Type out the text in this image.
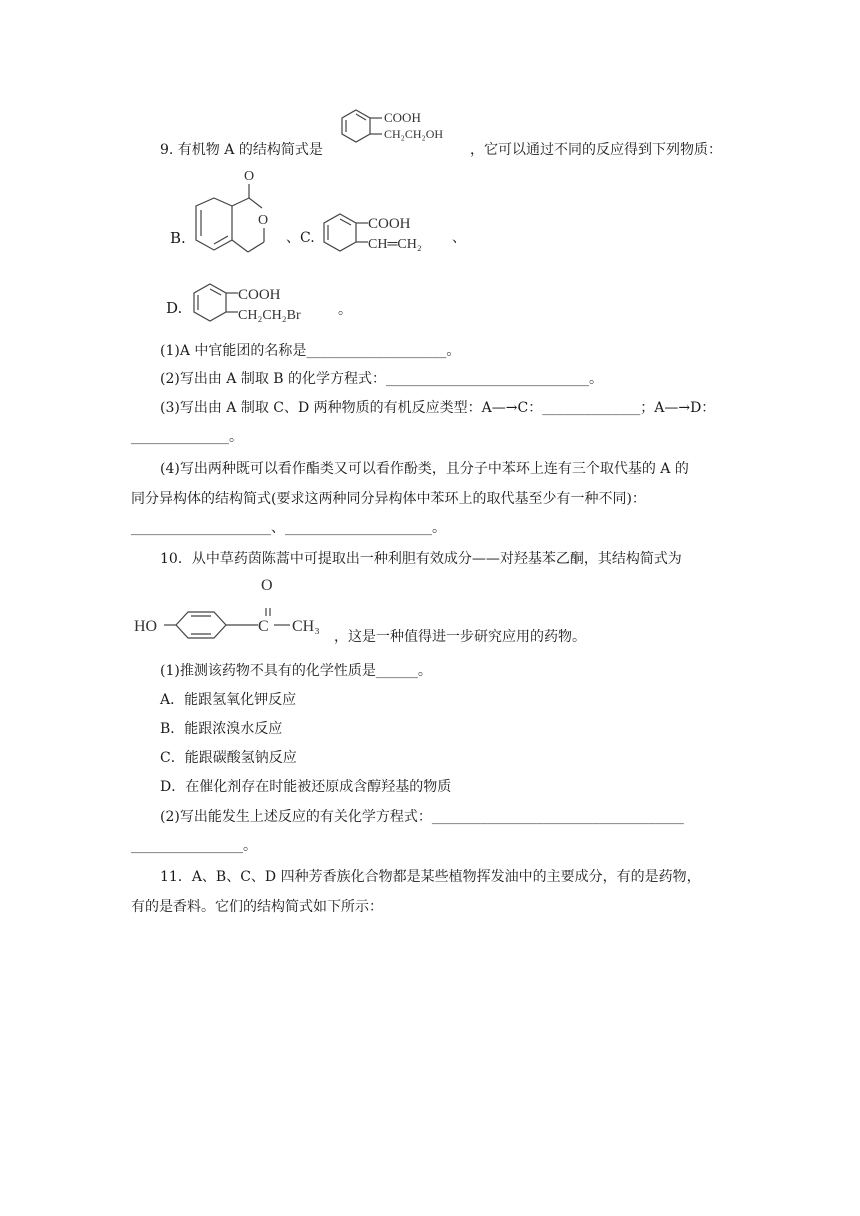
9. 有机物 A 的结构简式是
COOH
CH₂CH₂OH
，它可以通过不同的反应得到下列物质：
B.
O
O
、C.
COOH
CH═CH₂ 、
D.
COOH
CH₂CH₂Br	。
(1)A 中官能团的名称是____________________。
(2)写出由 A 制取 B 的化学方程式：_____________________________。
(3)写出由 A 制取 C、D 两种物质的有机反应类型：A—→C：______________；A—→D：
______________。
(4)写出两种既可以看作酯类又可以看作酚类，且分子中苯环上连有三个取代基的 A 的
同分异构体的结构简式(要求这两种同分异构体中苯环上的取代基至少有一种不同)：
____________________、_____________________。
10．从中草药茵陈蒿中可提取出一种利胆有效成分——对羟基苯乙酮，其结构简式为
HO	C
O
CH₃
，这是一种值得进一步研究应用的药物。
(1)推测该药物不具有的化学性质是______。
A．能跟氢氧化钾反应
B．能跟浓溴水反应
C．能跟碳酸氢钠反应
D．在催化剂存在时能被还原成含醇羟基的物质
(2)写出能发生上述反应的有关化学方程式：____________________________________
________________。
11．A、B、C、D 四种芳香族化合物都是某些植物挥发油中的主要成分，有的是药物，
有的是香料。它们的结构简式如下所示：
